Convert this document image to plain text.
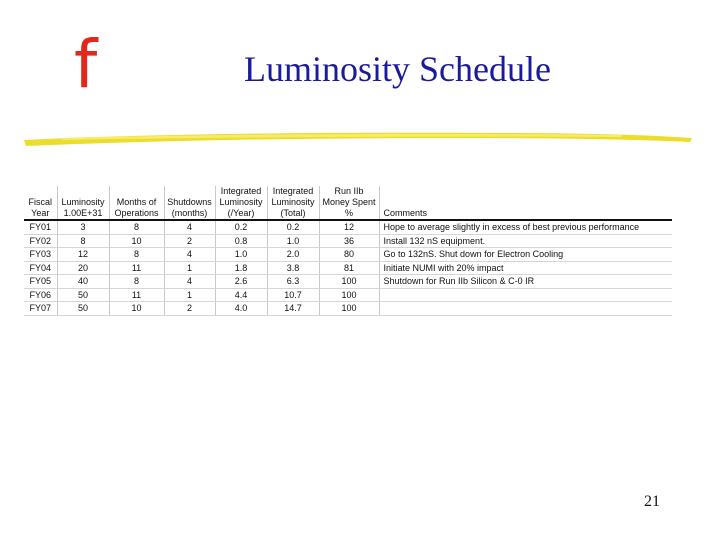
f	Luminosity Schedule
				Integrated	Integrated	Run IIb	
Fiscal	Luminosity	Months of	Shutdowns	Luminosity	Luminosity	Money Spent	
Year	1.00E+31	Operations	(months)	(/Year)	(Total)	%	Comments
FY01	3	8	4	0.2	0.2	12	Hope to average slightly in excess of best previous performance
FY02	8	10	2	0.8	1.0	36	Install 132 nS equipment.
FY03	12	8	4	1.0	2.0	80	Go to 132nS. Shut down for Electron Cooling
FY04	20	11	1	1.8	3.8	81	Initiate NUMI with 20% impact
FY05	40	8	4	2.6	6.3	100	Shutdown for Run IIb Silicon & C-0 IR
FY06	50	11	1	4.4	10.7	100	
FY07	50	10	2	4.0	14.7	100	
21
